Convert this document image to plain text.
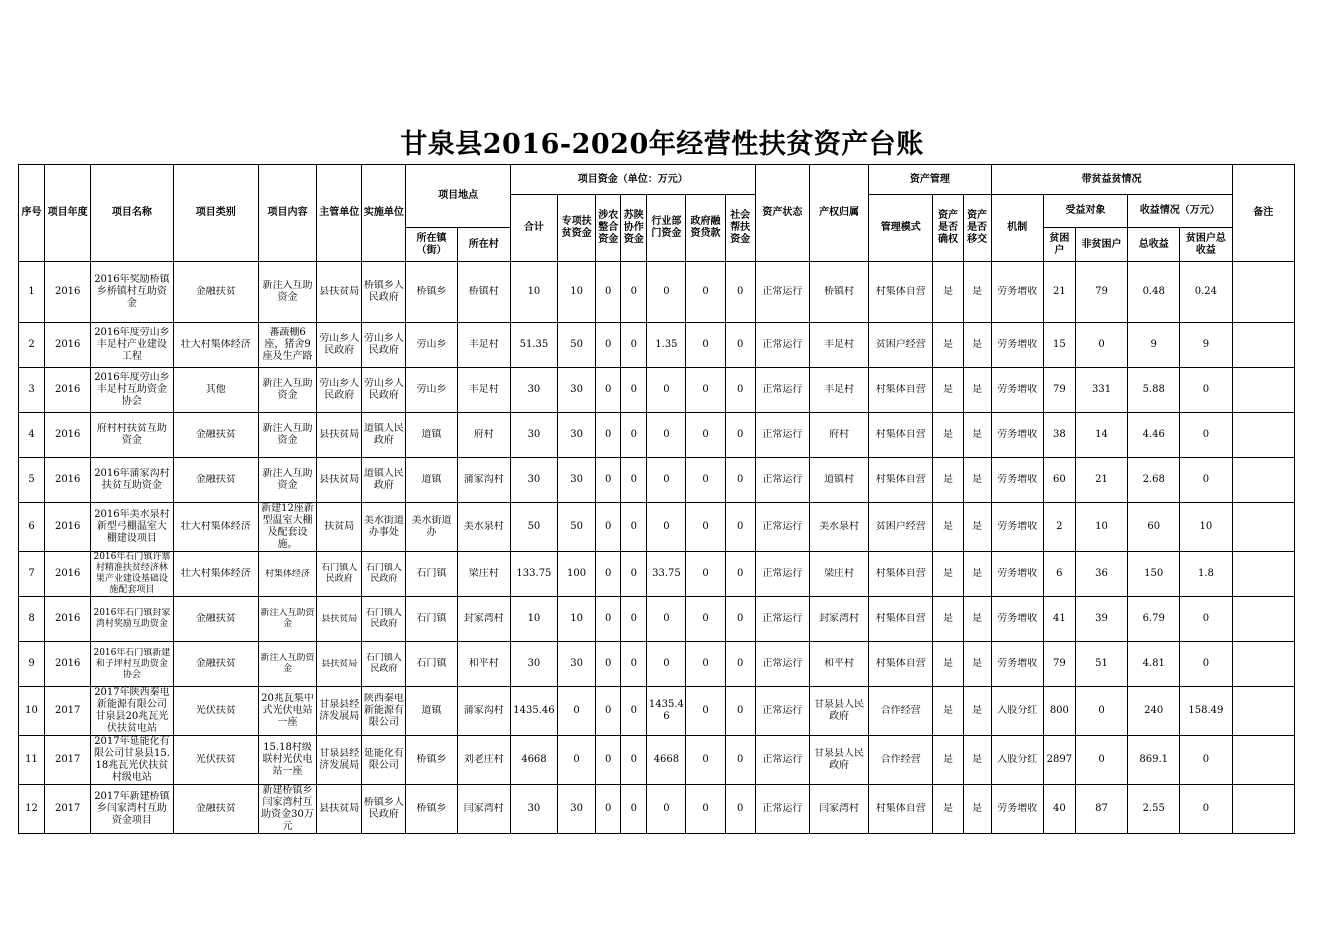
甘泉县2016-2020年经营性扶贫资产台账
序号	项目年度	项目名称	项目类别	项目内容	主管单位	实施单位	项目地点		项目资金（单位：万元）							资产状态	产权归属	资产管理			带贫益贫情况					备注
									合计	专项扶贫资金	涉农整合资金	苏陕协作资金	行业部门资金	政府融资贷款	社会帮扶资金			管理模式	资产是否确权	资产是否移交	机制	受益对象		收益情况（万元）		
							所在镇（街）	所在村														贫困户	非贫困户	总收益	贫困户总收益	

1	2016	2016年奖励桥镇乡桥镇村互助资金	金融扶贫	新注入互助资金	县扶贫局	桥镇乡人民政府	桥镇乡	桥镇村	10	10	0	0	0	0	0	正常运行	桥镇村	村集体自营	是	是	劳务增收	21	79	0.48	0.24	

2	2016	2016年度劳山乡丰足村产业建设工程	壮大村集体经济	蕃蔬棚6座，猪舍9座及生产路	劳山乡人民政府	劳山乡人民政府	劳山乡	丰足村	51.35	50	0	0	1.35	0	0	正常运行	丰足村	贫困户经营	是	是	劳务增收	15	0	9	9	

3	2016	2016年度劳山乡丰足村互助资金协会	其他	新注入互助资金	劳山乡人民政府	劳山乡人民政府	劳山乡	丰足村	30	30	0	0	0	0	0	正常运行	丰足村	村集体自营	是	是	劳务增收	79	331	5.88	0	

4	2016	府村村扶贫互助资金	金融扶贫	新注入互助资金	县扶贫局	道镇人民政府	道镇	府村	30	30	0	0	0	0	0	正常运行	府村	村集体自营	是	是	劳务增收	38	14	4.46	0	

5	2016	2016年蒲家沟村扶贫互助资金	金融扶贫	新注入互助资金	县扶贫局	道镇人民政府	道镇	蒲家沟村	30	30	0	0	0	0	0	正常运行	道镇村	村集体自营	是	是	劳务增收	60	21	2.68	0	

6	2016	2016年美水泉村新型弓棚温室大棚建设项目	壮大村集体经济	新建12座新型温室大棚及配套设施。	扶贫局	美水街道办事处	美水街道办	美水泉村	50	50	0	0	0	0	0	正常运行	美水泉村	贫困户经营	是	是	劳务增收	2	10	60	10	

7	2016	2016年石门镇许寨村精准扶贫经济林果产业建设基础设施配套项目	壮大村集体经济	村集体经济	石门镇人民政府	石门镇人民政府	石门镇	梁庄村	133.75	100	0	0	33.75	0	0	正常运行	梁庄村	村集体自营	是	是	劳务增收	6	36	150	1.8	

8	2016	2016年石门镇封家湾村奖励互助资金	金融扶贫	新注入互助资金	县扶贫局	石门镇人民政府	石门镇	封家湾村	10	10	0	0	0	0	0	正常运行	封家湾村	村集体自营	是	是	劳务增收	41	39	6.79	0	

9	2016	2016年石门镇新建和子坪村互助资金协会	金融扶贫	新注入互助资金	县扶贫局	石门镇人民政府	石门镇	和平村	30	30	0	0	0	0	0	正常运行	和平村	村集体自营	是	是	劳务增收	79	51	4.81	0	

10	2017	2017年陕西秦电新能源有限公司甘泉县20兆瓦光伏扶贫电站	光伏扶贫	20兆瓦集中式光伏电站一座	甘泉县经济发展局	陕西秦电新能源有限公司	道镇	蒲家沟村	1435.46	0	0	0	1435.46	0	0	正常运行	甘泉县人民政府	合作经营	是	是	入股分红	800	0	240	158.49	

11	2017	2017年延能化有限公司甘泉县15.18兆瓦光伏扶贫村级电站	光伏扶贫	15.18村级联村光伏电站一座	甘泉县经济发展局	延能化有限公司	桥镇乡	刘老庄村	4668	0	0	0	4668	0	0	正常运行	甘泉县人民政府	合作经营	是	是	入股分红	2897	0	869.1	0	

12	2017	2017年新建桥镇乡闫家湾村互助资金项目	金融扶贫	新建桥镇乡闫家湾村互助资金30万元	县扶贫局	桥镇乡人民政府	桥镇乡	闫家湾村	30	30	0	0	0	0	0	正常运行	闫家湾村	村集体自营	是	是	劳务增收	40	87	2.55	0	
